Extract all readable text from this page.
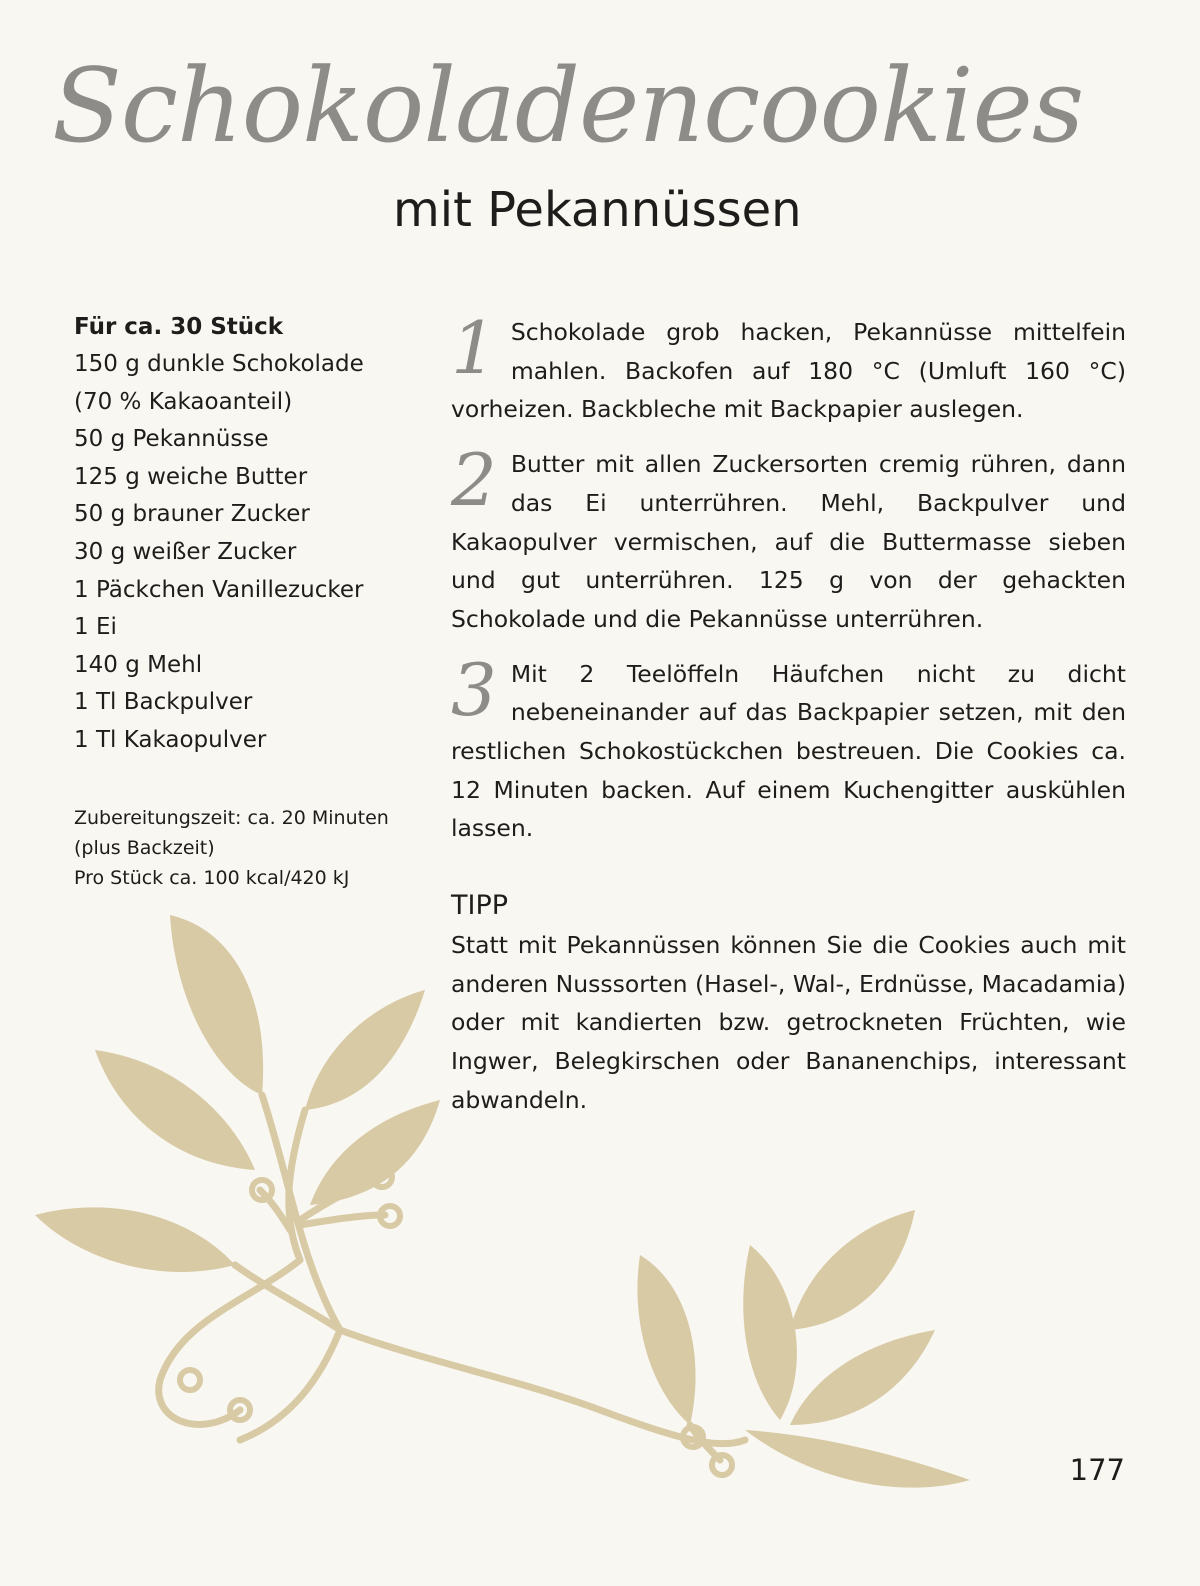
Schokoladencookies
mit Pekannüssen
Für ca. 30 Stück
150 g dunkle Schokolade
(70 % Kakaoanteil)
50 g Pekannüsse
125 g weiche Butter
50 g brauner Zucker
30 g weißer Zucker
1 Päckchen Vanillezucker
1 Ei
140 g Mehl
1 Tl Backpulver
1 Tl Kakaopulver
Zubereitungszeit: ca. 20 Minuten
(plus Backzeit)
Pro Stück ca. 100 kcal/420 kJ

1 Schokolade grob hacken, Pekannüsse mittelfein mahlen. Backofen auf 180 °C (Umluft 160 °C) vorheizen. Backbleche mit Backpapier auslegen.

2 Butter mit allen Zuckersorten cremig rühren, dann das Ei unterrühren. Mehl, Backpulver und Kakaopulver vermischen, auf die Buttermasse sieben und gut unterrühren. 125 g von der gehackten Schokolade und die Pekannüsse unterrühren.

3 Mit 2 Teelöffeln Häufchen nicht zu dicht nebeneinander auf das Backpapier setzen, mit den restlichen Schokostückchen bestreuen. Die Cookies ca. 12 Minuten backen. Auf einem Kuchengitter auskühlen lassen.

TIPP

Statt mit Pekannüssen können Sie die Cookies auch mit anderen Nusssorten (Hasel-, Wal-, Erdnüsse, Macadamia) oder mit kandierten bzw. getrockneten Früchten, wie Ingwer, Belegkirschen oder Bananenchips, interessant abwandeln.

177
